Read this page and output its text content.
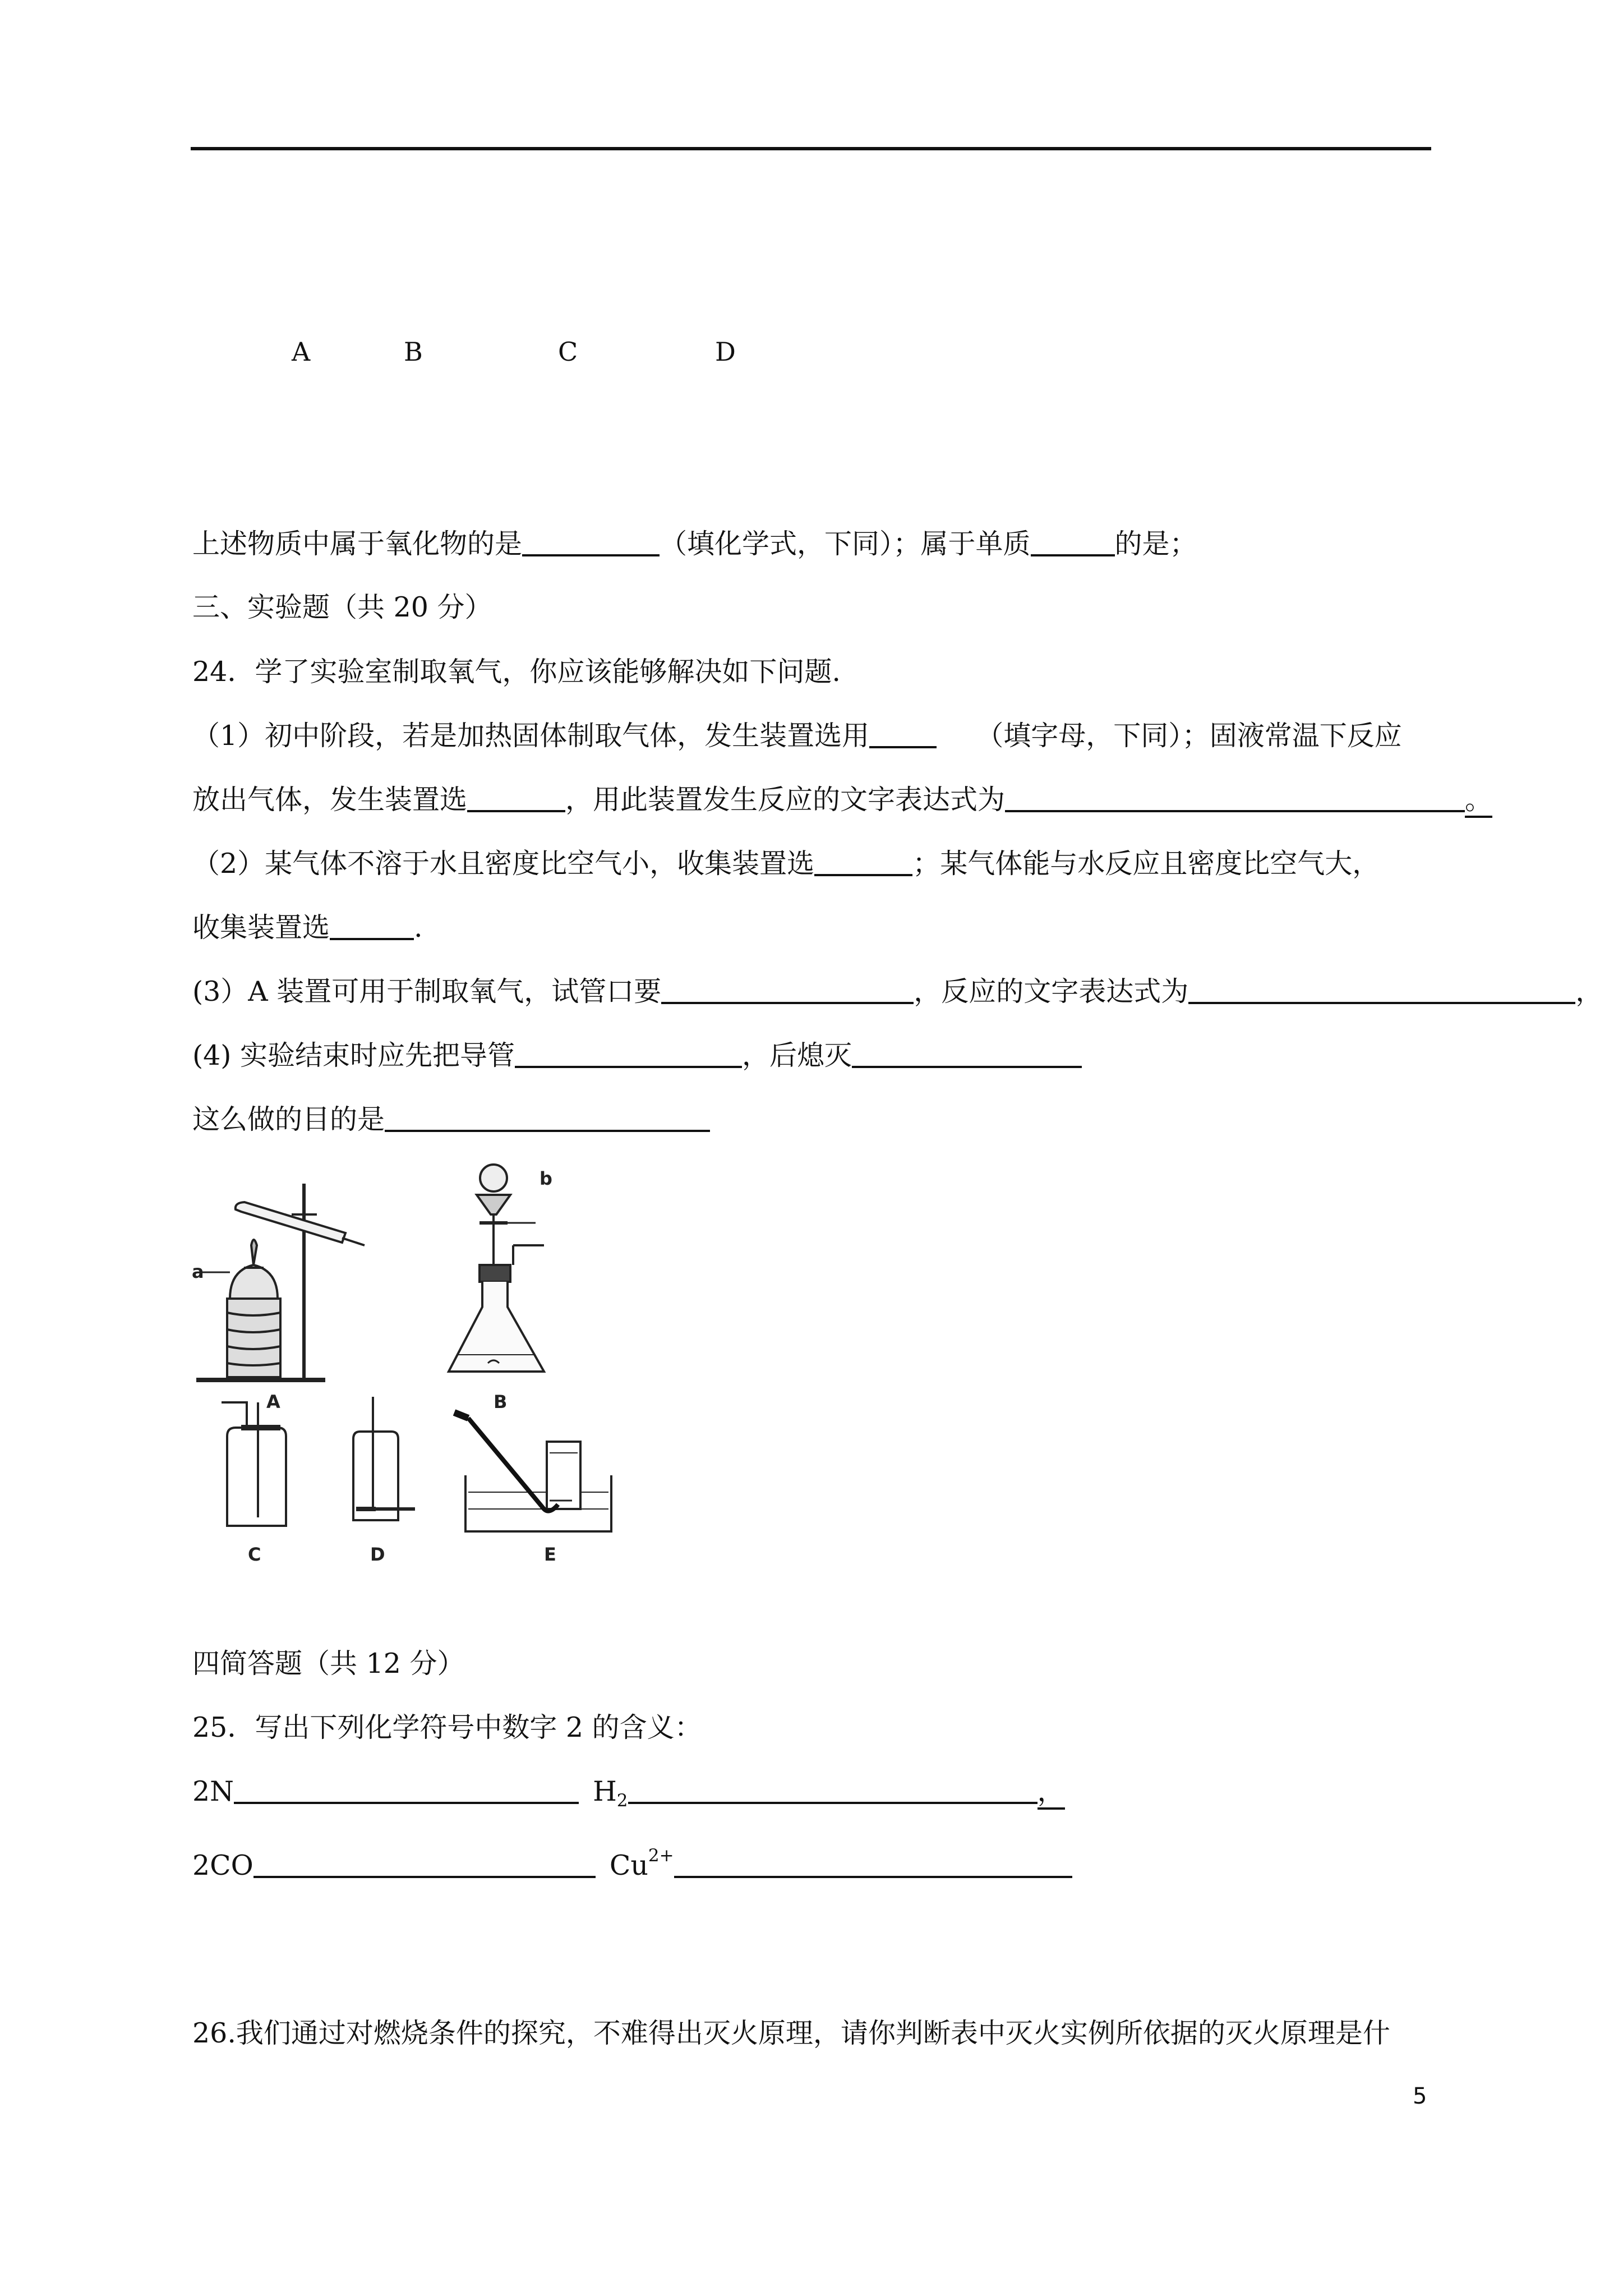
A	B	C	D
上述物质中属于氧化物的是	（填化学式，下同）；属于单质	的是；
三、实验题（共 20 分）
24．学了实验室制取氧气，你应该能够解决如下问题.
（1）初中阶段，若是加热固体制取气体，发生装置选用	（填字母，下同）；固液常温下反应
放出气体，发生装置选	，用此装置发生反应的文字表达式为	。
（2）某气体不溶于水且密度比空气小，收集装置选	；某气体能与水反应且密度比空气大，
收集装置选	.
(3）A 装置可用于制取氧气，试管口要	，反应的文字表达式为	，
(4) 实验结束时应先把导管	，后熄灭
这么做的目的是
a
b
A	B
C	D	E
四简答题（共 12 分）
25．写出下列化学符号中数字 2 的含义：
2N	$H_2$	，
2CO	$Cu^{2+}$
26.我们通过对燃烧条件的探究，不难得出灭火原理，请你判断表中灭火实例所依据的灭火原理是什
5
